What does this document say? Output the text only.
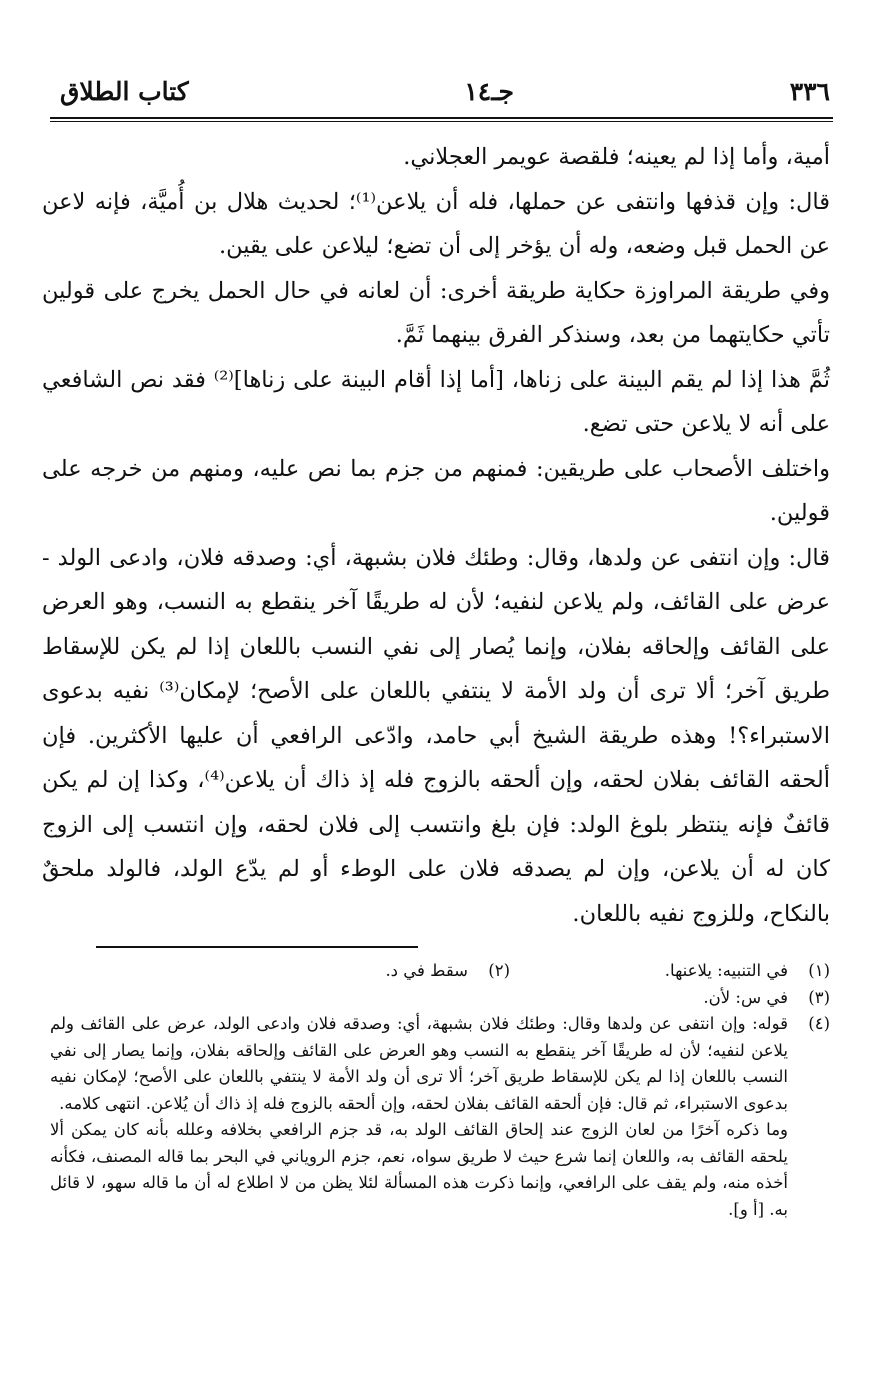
٣٣٦
جـ١٤
كتاب الطلاق

أمية، وأما إذا لم يعينه؛ فلقصة عويمر العجلاني.

قال: وإن قذفها وانتفى عن حملها، فله أن يلاعن⁽¹⁾؛ لحديث هلال بن أُميَّة، فإنه لاعن عن الحمل قبل وضعه، وله أن يؤخر إلى أن تضع؛ ليلاعن على يقين.

وفي طريقة المراوزة حكاية طريقة أخرى: أن لعانه في حال الحمل يخرج على قولين تأتي حكايتهما من بعد، وسنذكر الفرق بينهما ثَمَّ.

ثُمَّ هذا إذا لم يقم البينة على زناها، [أما إذا أقام البينة على زناها]⁽²⁾ فقد نص الشافعي على أنه لا يلاعن حتى تضع.

واختلف الأصحاب على طريقين: فمنهم من جزم بما نص عليه، ومنهم من خرجه على قولين.

قال: وإن انتفى عن ولدها، وقال: وطئك فلان بشبهة، أي: وصدقه فلان، وادعى الولد - عرض على القائف، ولم يلاعن لنفيه؛ لأن له طريقًا آخر ينقطع به النسب، وهو العرض على القائف وإلحاقه بفلان، وإنما يُصار إلى نفي النسب باللعان إذا لم يكن للإسقاط طريق آخر؛ ألا ترى أن ولد الأمة لا ينتفي باللعان على الأصح؛ لإمكان⁽³⁾ نفيه بدعوى الاستبراء؟! وهذه طريقة الشيخ أبي حامد، وادّعى الرافعي أن عليها الأكثرين. فإن ألحقه القائف بفلان لحقه، وإن ألحقه بالزوج فله إذ ذاك أن يلاعن⁽⁴⁾، وكذا إن لم يكن قائفٌ فإنه ينتظر بلوغ الولد: فإن بلغ وانتسب إلى فلان لحقه، وإن انتسب إلى الزوج كان له أن يلاعن، وإن لم يصدقه فلان على الوطء أو لم يدّع الولد، فالولد ملحقٌ بالنكاح، وللزوج نفيه باللعان.

(١)
في التنبيه: يلاعنها.
(٢)
سقط في د.
(٣)
في س: لأن.
(٤)
قوله: وإن انتفى عن ولدها وقال: وطئك فلان بشبهة، أي: وصدقه فلان وادعى الولد، عرض على القائف ولم يلاعن لنفيه؛ لأن له طريقًا آخر ينقطع به النسب وهو العرض على القائف وإلحاقه بفلان، وإنما يصار إلى نفي النسب باللعان إذا لم يكن للإسقاط طريق آخر؛ ألا ترى أن ولد الأمة لا ينتفي باللعان على الأصح؛ لإمكان نفيه بدعوى الاستبراء، ثم قال: فإن ألحقه القائف بفلان لحقه، وإن ألحقه بالزوج فله إذ ذاك أن يُلاعن. انتهى كلامه.
وما ذكره آخرًا من لعان الزوج عند إلحاق القائف الولد به، قد جزم الرافعي بخلافه وعلله بأنه كان يمكن ألا يلحقه القائف به، واللعان إنما شرع حيث لا طريق سواه، نعم، جزم الروياني في البحر بما قاله المصنف، فكأنه أخذه منه، ولم يقف على الرافعي، وإنما ذكرت هذه المسألة لئلا يظن من لا اطلاع له أن ما قاله سهو، لا قائل به. [أ و].
